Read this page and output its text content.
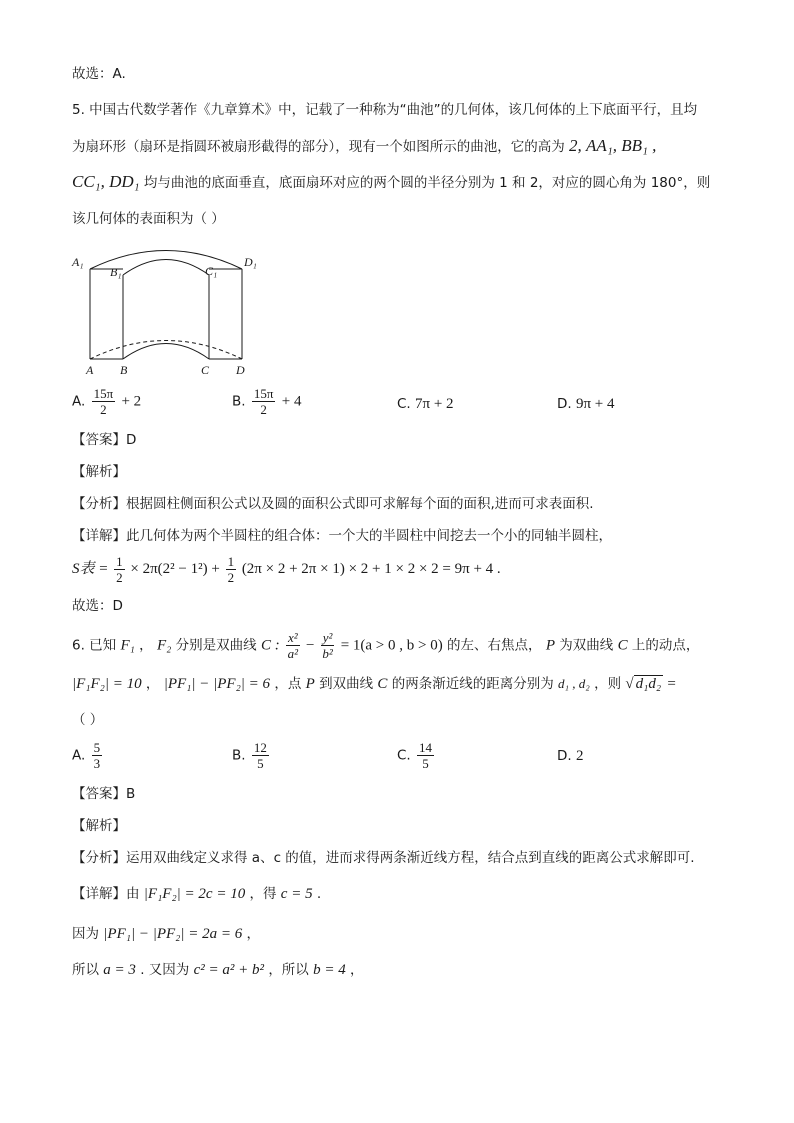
故选：A.
5. 中国古代数学著作《九章算术》中，记载了一种称为“曲池”的几何体，该几何体的上下底面平行，且均
为扇环形（扇环是指圆环被扇形截得的部分），现有一个如图所示的曲池，它的高为 2, AA₁, BB₁ ,
CC₁, DD₁ 均与曲池的底面垂直，底面扇环对应的两个圆的半径分别为 1 和 2，对应的圆心角为 180°，则
该几何体的表面积为（ ）
A₁
B₁	C₁
D₁
A B	C D
A. $\frac{15\pi}{2} + 2$	B. $\frac{15\pi}{2} + 4$	C. 7π + 2	D. 9π + 4
【答案】D
【解析】
【分析】根据圆柱侧面积公式以及圆的面积公式即可求解每个面的面积,进而可求表面积.
【详解】此几何体为两个半圆柱的组合体：一个大的半圆柱中间挖去一个小的同轴半圆柱，
S表 = $\frac{1}{2} \times 2\pi(2^2 - 1^2) + \frac{1}{2} (2\pi \times 2 + 2\pi \times 1) \times 2 + 1 \times 2 \times 2 = 9\pi + 4$ .
故选：D
6. 已知 F₁ ， F₂ 分别是双曲线 C : $\frac{\text{x²}}{\text{a²}} - \frac{\text{y²}}{\text{b²}} = 1(a > 0$ , b > 0) 的左、右焦点， P 为双曲线 C 上的动点，
|F₁F₂| = 10 ， |PF₁| − |PF₂| = 6 ，点 P 到双曲线 C 的两条渐近线的距离分别为 d₁ , d₂ ，则 √ d₁d₂ =
（ ）
A. $\frac{5}{3}$	B. $\frac{12}{5}$	C. $\frac{14}{5}$	D. 2
【答案】B
【解析】
【分析】运用双曲线定义求得 a、c 的值，进而求得两条渐近线方程，结合点到直线的距离公式求解即可.
【详解】由 |F₁F₂| = 2c = 10 ，得 c = 5 .
因为 |PF₁| − |PF₂| = 2a = 6 ，
所以 a = 3 . 又因为 c² = a² + b² ，所以 b = 4 ，
